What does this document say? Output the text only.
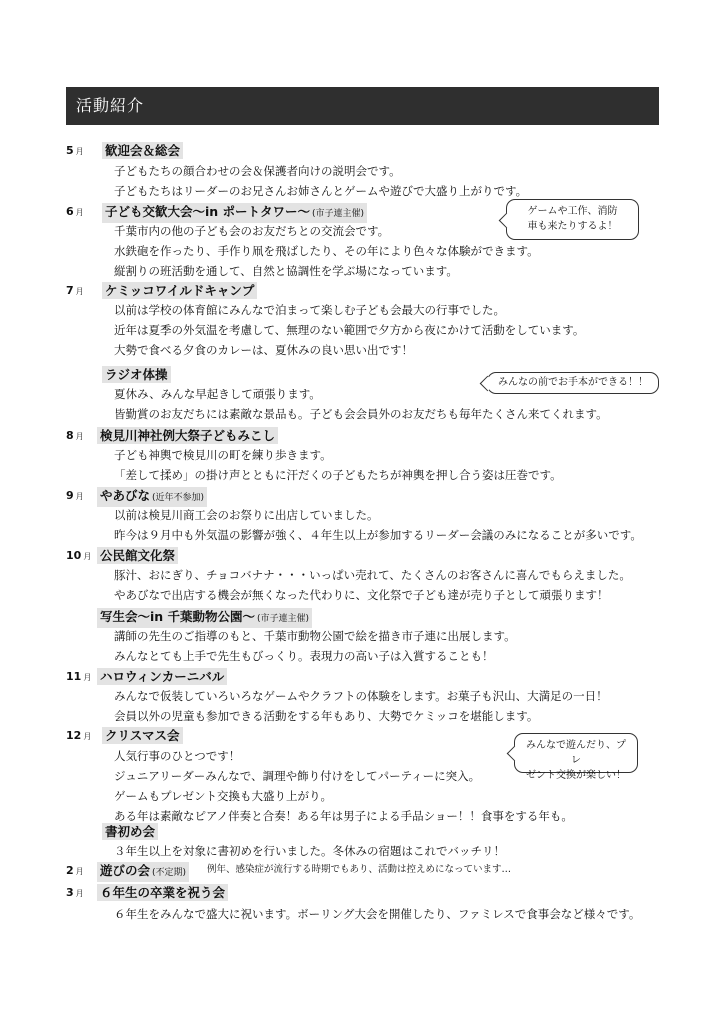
活動紹介
5 月 歓迎会＆総会
子どもたちの顔合わせの会＆保護者向けの説明会です。
子どもたちはリーダーのお兄さんお姉さんとゲームや遊びで大盛り上がりです。
6 月 子ども交歓大会～in ポートタワー～ (市子連主催)
千葉市内の他の子ども会のお友だちとの交流会です。
水鉄砲を作ったり、手作り凧を飛ばしたり、その年により色々な体験ができます。
縦割りの班活動を通して、自然と協調性を学ぶ場になっています。
7 月 ケミッコワイルドキャンプ
以前は学校の体育館にみんなで泊まって楽しむ子ども会最大の行事でした。
近年は夏季の外気温を考慮して、無理のない範囲で夕方から夜にかけて活動をしています。
大勢で食べる夕食のカレーは、夏休みの良い思い出です！
ラジオ体操
夏休み、みんな早起きして頑張ります。
皆勤賞のお友だちには素敵な景品も。子ども会会員外のお友だちも毎年たくさん来てくれます。
8 月 検見川神社例大祭子どもみこし
子ども神輿で検見川の町を練り歩きます。
「差して揉め」の掛け声とともに汗だくの子どもたちが神輿を押し合う姿は圧巻です。
9 月 やあびな (近年不参加)
以前は検見川商工会のお祭りに出店していました。
昨今は９月中も外気温の影響が強く、４年生以上が参加するリーダー会議のみになることが多いです。
10 月 公民館文化祭
豚汁、おにぎり、チョコバナナ・・・いっぱい売れて、たくさんのお客さんに喜んでもらえました。
やあびなで出店する機会が無くなった代わりに、文化祭で子ども達が売り子として頑張ります！
写生会～in 千葉動物公園～ (市子連主催)
講師の先生のご指導のもと、千葉市動物公園で絵を描き市子連に出展します。
みんなとても上手で先生もびっくり。表現力の高い子は入賞することも！
11 月 ハロウィンカーニバル
みんなで仮装していろいろなゲームやクラフトの体験をします。お菓子も沢山、大満足の一日！
会員以外の児童も参加できる活動をする年もあり、大勢でケミッコを堪能します。
12 月 クリスマス会
人気行事のひとつです！
ジュニアリーダーみんなで、調理や飾り付けをしてパーティーに突入。
ゲームもプレゼント交換も大盛り上がり。
ある年は素敵なピアノ伴奏と合奏！ある年は男子による手品ショー！！食事をする年も。
書初め会
３年生以上を対象に書初めを行いました。冬休みの宿題はこれでバッチリ！
2 月 遊びの会 (不定期)	例年、感染症が流行する時期でもあり、活動は控えめになっています…
3 月 ６年生の卒業を祝う会
６年生をみんなで盛大に祝います。ボーリング大会を開催したり、ファミレスで食事会など様々です。
ゲームや工作、消防
車も来たりするよ！
みんなの前でお手本ができる！！
みんなで遊んだり、プレ
ゼント交換が楽しい！
